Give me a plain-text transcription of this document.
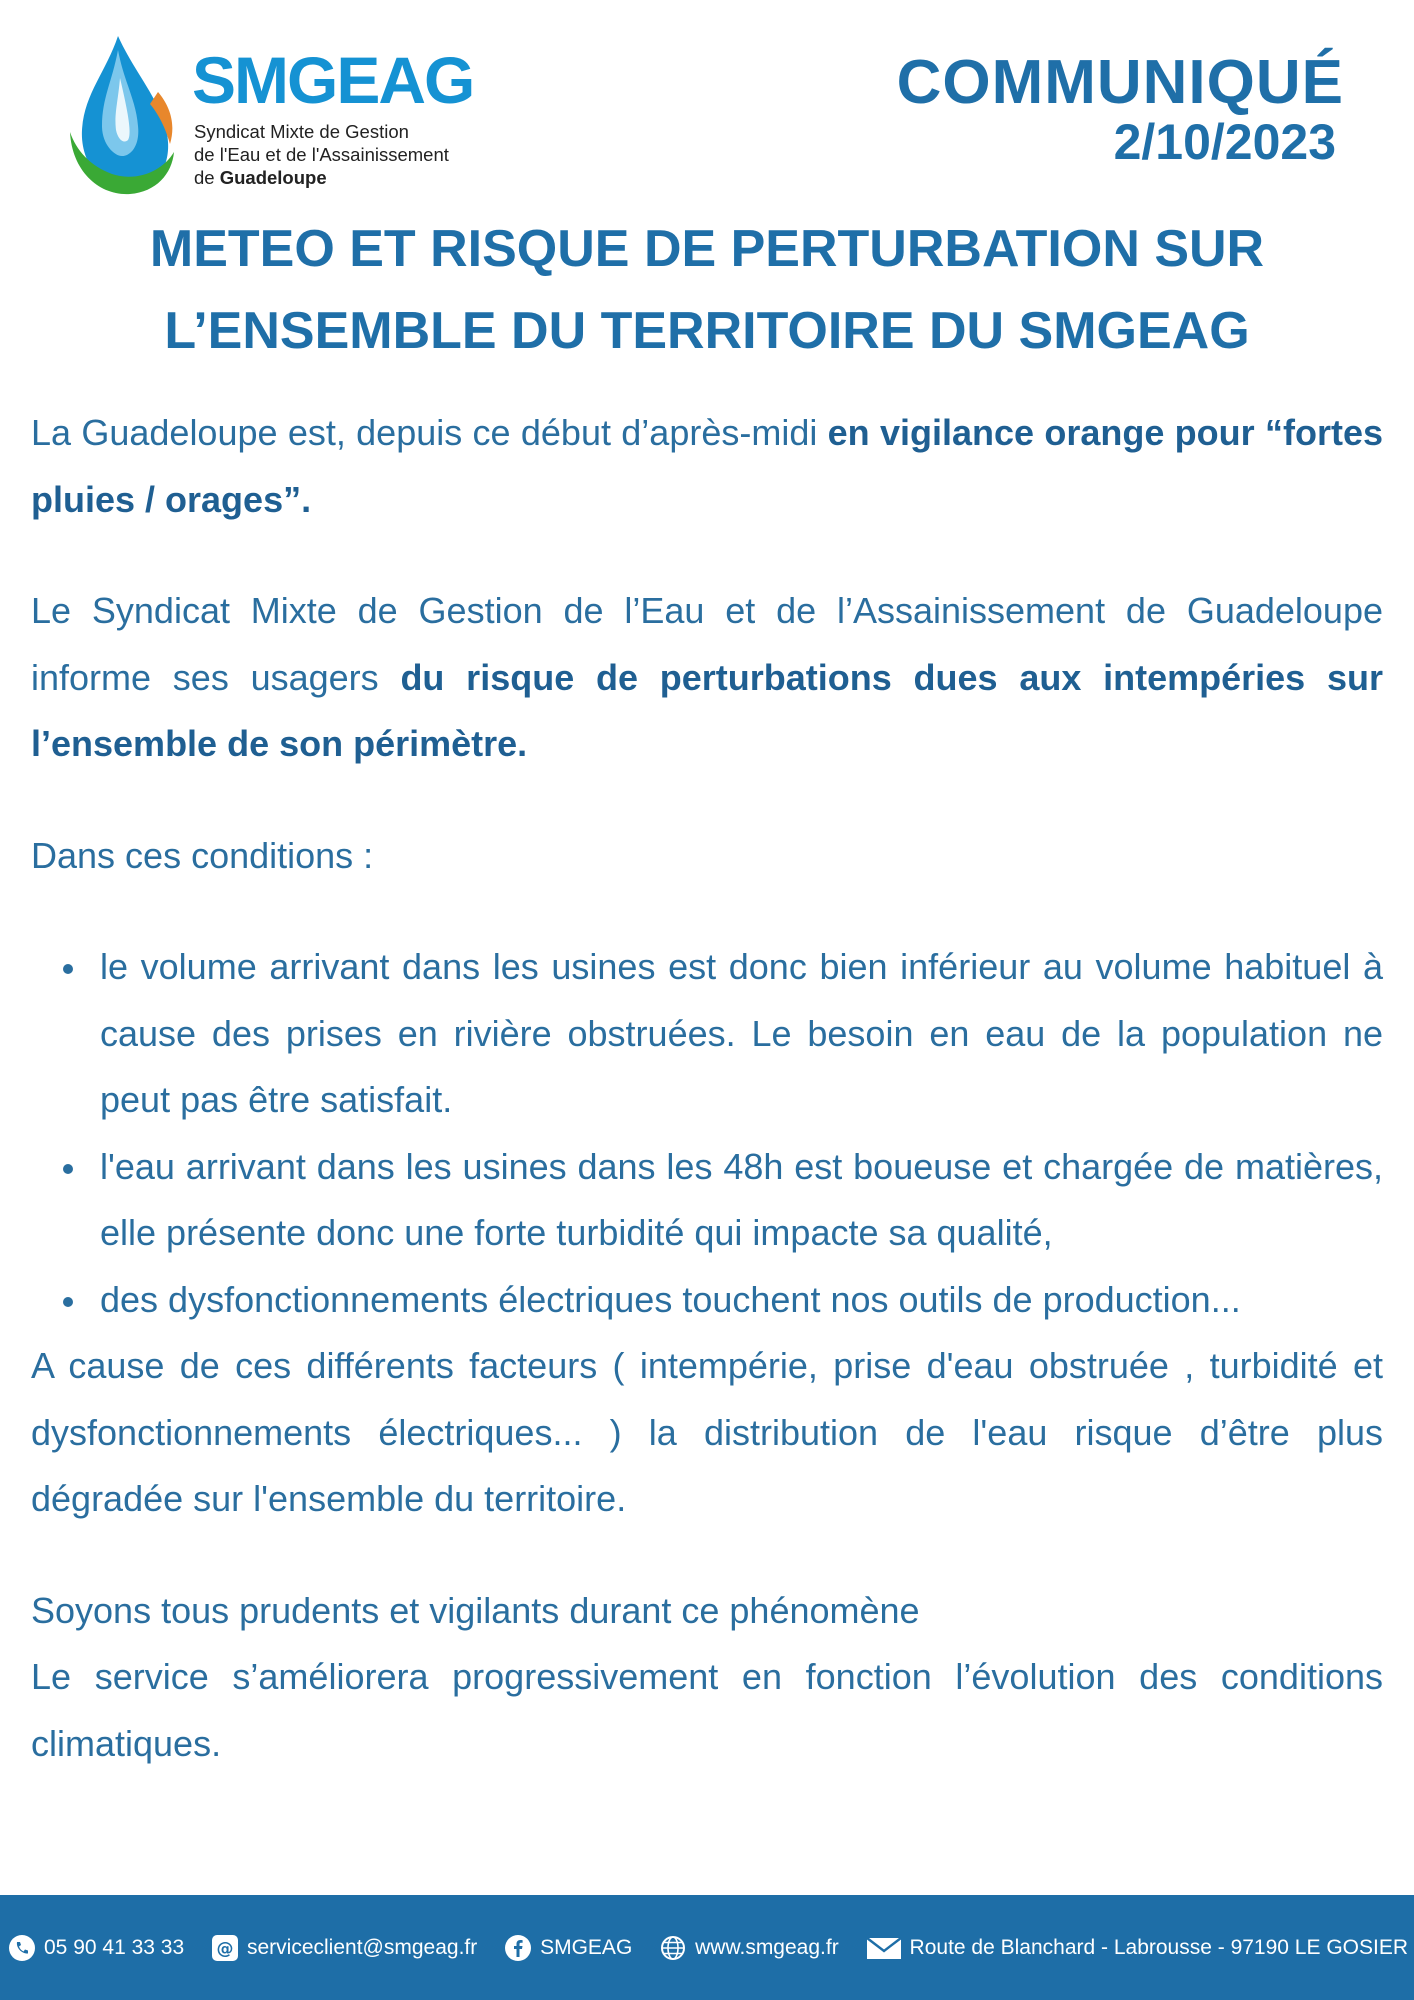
SMGEAG
Syndicat Mixte de Gestion
de l'Eau et de l'Assainissement
de Guadeloupe
COMMUNIQUÉ
2/10/2023
METEO ET RISQUE DE PERTURBATION SUR
L’ENSEMBLE DU TERRITOIRE DU SMGEAG

La Guadeloupe est, depuis ce début d’après-midi en vigilance orange pour “fortes pluies / orages”.

Le Syndicat Mixte de Gestion de l’Eau et de l’Assainissement de Guadeloupe informe ses usagers du risque de perturbations dues aux intempéries sur l’ensemble de son périmètre.

Dans ces conditions :

le volume arrivant dans les usines est donc bien inférieur au volume habituel à cause des prises en rivière obstruées. Le besoin en eau de la population ne peut pas être satisfait.
l'eau arrivant dans les usines dans les 48h est boueuse et chargée de matières, elle présente donc une forte turbidité qui impacte sa qualité,
des dysfonctionnements électriques touchent nos outils de production...

A cause de ces différents facteurs ( intempérie, prise d'eau obstruée , turbidité et dysfonctionnements électriques... ) la distribution de l'eau risque d’être plus dégradée sur l'ensemble du territoire.

Soyons tous prudents et vigilants durant ce phénomène

Le service s’améliorera progressivement en fonction l’évolution des conditions climatiques.

05 90 41 33 33 @ serviceclient@smgeag.fr	SMGEAG	www.smgeag.fr	Route de Blanchard - Labrousse - 97190 LE GOSIER
